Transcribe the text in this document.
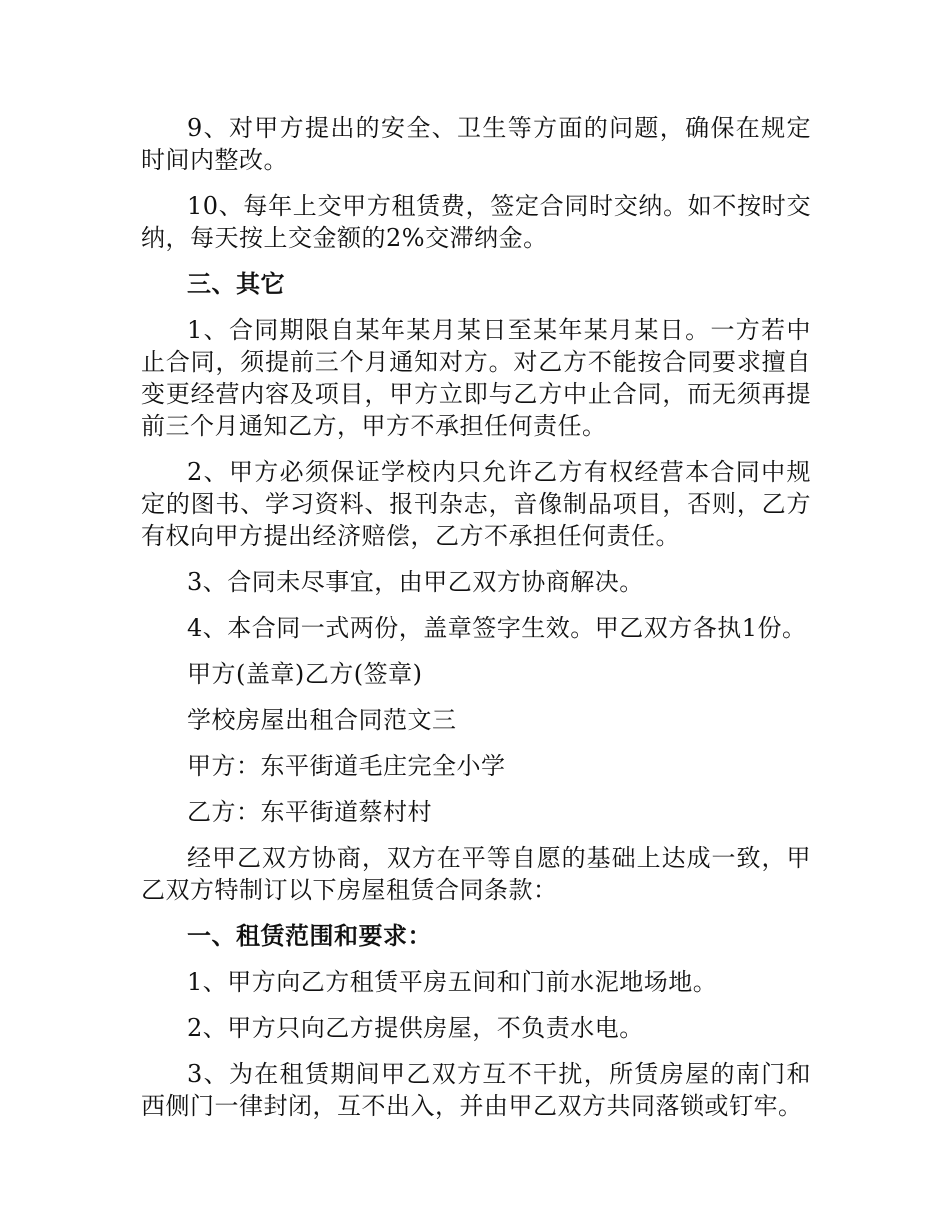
9、对甲方提出的安全、卫生等方面的问题，确保在规定时间内整改。

10、每年上交甲方租赁费，签定合同时交纳。如不按时交纳，每天按上交金额的2%交滞纳金。

三、其它

1、合同期限自某年某月某日至某年某月某日。一方若中止合同，须提前三个月通知对方。对乙方不能按合同要求擅自变更经营内容及项目，甲方立即与乙方中止合同，而无须再提前三个月通知乙方，甲方不承担任何责任。

2、甲方必须保证学校内只允许乙方有权经营本合同中规定的图书、学习资料、报刊杂志，音像制品项目，否则，乙方有权向甲方提出经济赔偿，乙方不承担任何责任。

3、合同未尽事宜，由甲乙双方协商解决。

4、本合同一式两份，盖章签字生效。甲乙双方各执1份。

甲方(盖章)乙方(签章)

学校房屋出租合同范文三

甲方：东平街道毛庄完全小学

乙方：东平街道蔡村村

经甲乙双方协商，双方在平等自愿的基础上达成一致，甲乙双方特制订以下房屋租赁合同条款：

一、租赁范围和要求：

1、甲方向乙方租赁平房五间和门前水泥地场地。

2、甲方只向乙方提供房屋，不负责水电。

3、为在租赁期间甲乙双方互不干扰，所赁房屋的南门和西侧门一律封闭，互不出入，并由甲乙双方共同落锁或钉牢。
